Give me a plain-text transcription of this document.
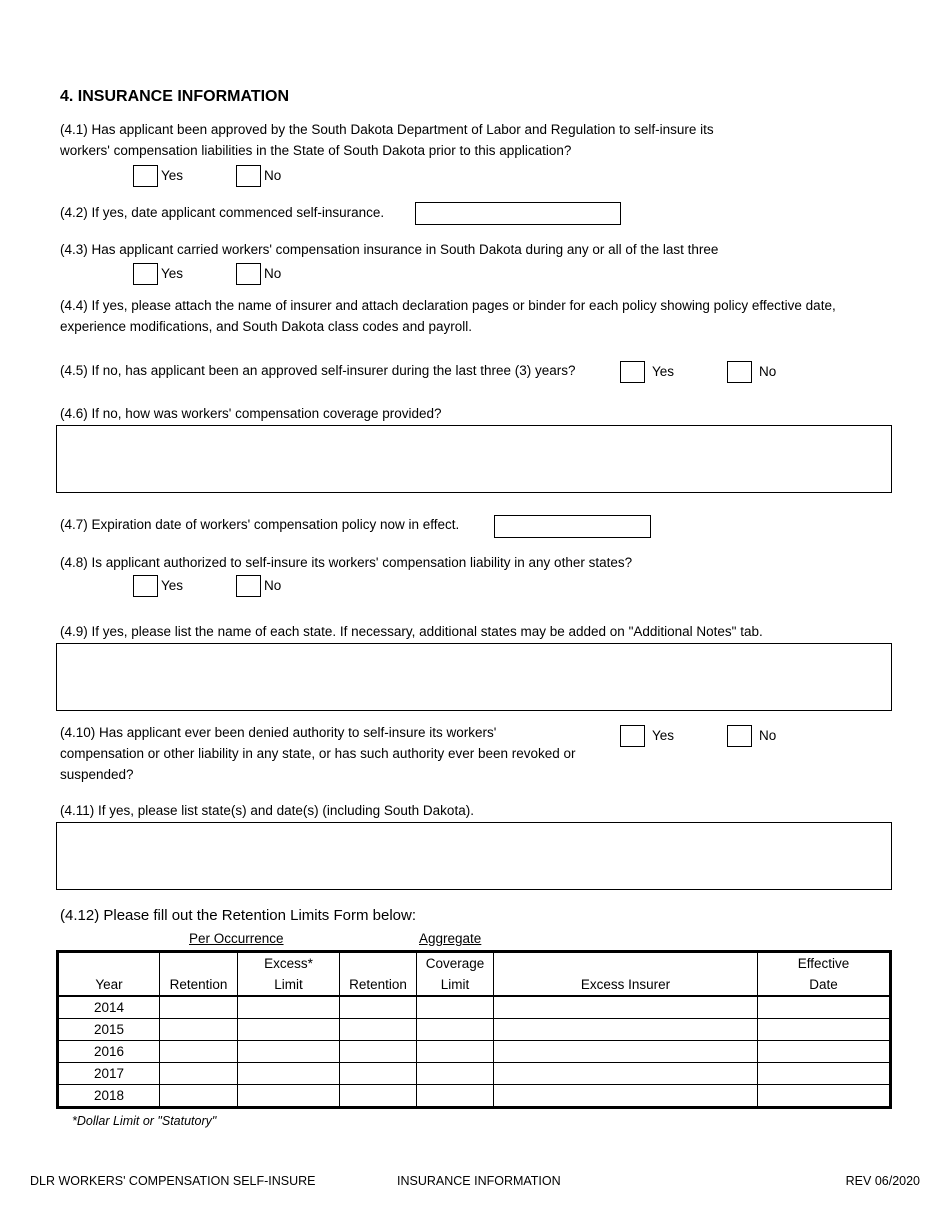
4. INSURANCE INFORMATION
(4.1) Has applicant been approved by the South Dakota Department of Labor and Regulation to self-insure its
workers' compensation liabilities in the State of South Dakota prior to this application?
Yes	No
(4.2) If yes, date applicant commenced self-insurance.
(4.3) Has applicant carried workers' compensation insurance in South Dakota during any or all of the last three
Yes	No
(4.4) If yes, please attach the name of insurer and attach declaration pages or binder for each policy showing policy effective date,
experience modifications, and South Dakota class codes and payroll.
(4.5) If no, has applicant been an approved self-insurer during the last three (3) years?	Yes	No
(4.6) If no, how was workers' compensation coverage provided?
(4.7) Expiration date of workers' compensation policy now in effect.
(4.8) Is applicant authorized to self-insure its workers' compensation liability in any other states?
Yes	No
(4.9) If yes, please list the name of each state. If necessary, additional states may be added on "Additional Notes" tab.
(4.10) Has applicant ever been denied authority to self-insure its workers'
compensation or other liability in any state, or has such authority ever been revoked or
suspended?
Yes	No
(4.11) If yes, please list state(s) and date(s) (including South Dakota).
(4.12) Please fill out the Retention Limits Form below:
Per Occurrence	Aggregate
		Excess*		Coverage		Effective
Year	Retention	Limit	Retention	Limit	Excess Insurer	Date
2014						
2015						
2016						
2017						
2018						
*Dollar Limit or "Statutory"
DLR WORKERS' COMPENSATION SELF-INSURE	INSURANCE INFORMATION	REV 06/2020
